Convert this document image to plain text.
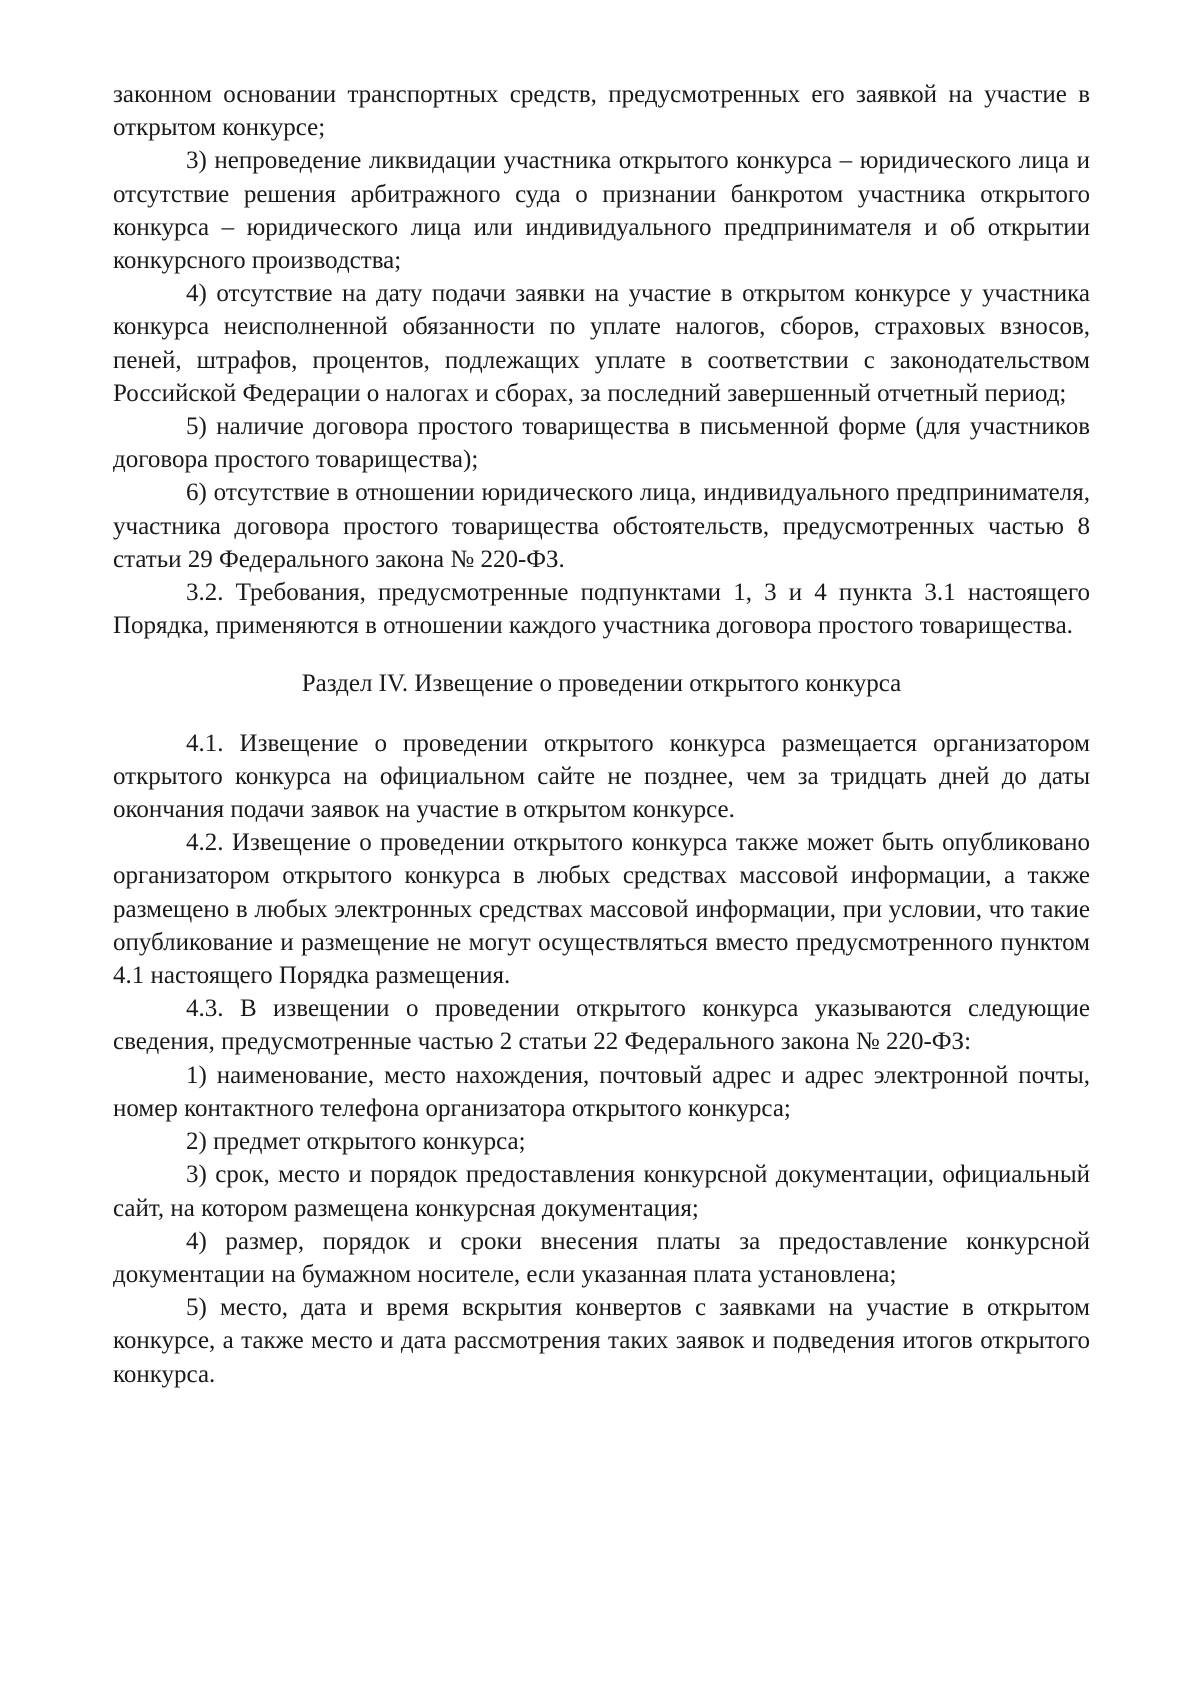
законном основании транспортных средств, предусмотренных его заявкой на участие в открытом конкурсе;

3) непроведение ликвидации участника открытого конкурса – юридического лица и отсутствие решения арбитражного суда о признании банкротом участника открытого конкурса – юридического лица или индивидуального предпринимателя и об открытии конкурсного производства;

4) отсутствие на дату подачи заявки на участие в открытом конкурсе у участника конкурса неисполненной обязанности по уплате налогов, сборов, страховых взносов, пеней, штрафов, процентов, подлежащих уплате в соответствии с законодательством Российской Федерации о налогах и сборах, за последний завершенный отчетный период;

5) наличие договора простого товарищества в письменной форме (для участников договора простого товарищества);

6) отсутствие в отношении юридического лица, индивидуального предпринимателя, участника договора простого товарищества обстоятельств, предусмотренных частью 8 статьи 29 Федерального закона № 220-ФЗ.

3.2. Требования, предусмотренные подпунктами 1, 3 и 4 пункта 3.1 настоящего Порядка, применяются в отношении каждого участника договора простого товарищества.

Раздел IV. Извещение о проведении открытого конкурса

4.1. Извещение о проведении открытого конкурса размещается организатором открытого конкурса на официальном сайте не позднее, чем за тридцать дней до даты окончания подачи заявок на участие в открытом конкурсе.

4.2. Извещение о проведении открытого конкурса также может быть опубликовано организатором открытого конкурса в любых средствах массовой информации, а также размещено в любых электронных средствах массовой информации, при условии, что такие опубликование и размещение не могут осуществляться вместо предусмотренного пунктом 4.1 настоящего Порядка размещения.

4.3. В извещении о проведении открытого конкурса указываются следующие сведения, предусмотренные частью 2 статьи 22 Федерального закона № 220-ФЗ:

1) наименование, место нахождения, почтовый адрес и адрес электронной почты, номер контактного телефона организатора открытого конкурса;

2) предмет открытого конкурса;

3) срок, место и порядок предоставления конкурсной документации, официальный сайт, на котором размещена конкурсная документация;

4) размер, порядок и сроки внесения платы за предоставление конкурсной документации на бумажном носителе, если указанная плата установлена;

5) место, дата и время вскрытия конвертов с заявками на участие в открытом конкурсе, а также место и дата рассмотрения таких заявок и подведения итогов открытого конкурса.
